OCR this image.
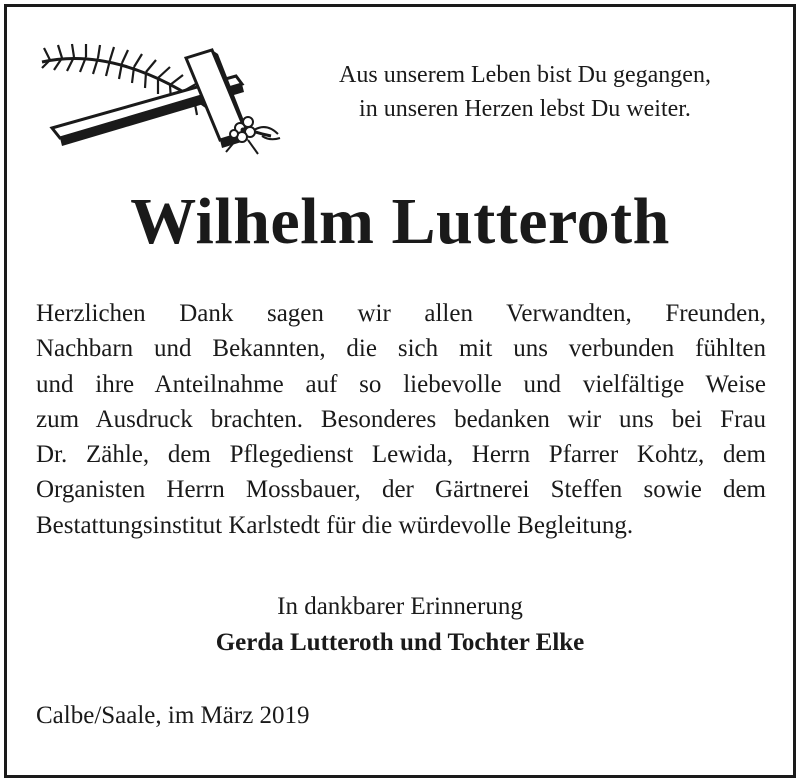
Aus unserem Leben bist Du gegangen,
in unseren Herzen lebst Du weiter.
Wilhelm Lutteroth
Herzlichen Dank sagen wir allen Verwandten, Freunden,
Nachbarn und Bekannten, die sich mit uns verbunden fühlten
und ihre Anteilnahme auf so liebevolle und vielfältige Weise
zum Ausdruck brachten. Besonderes bedanken wir uns bei Frau
Dr. Zähle, dem Pflegedienst Lewida, Herrn Pfarrer Kohtz, dem
Organisten Herrn Mossbauer, der Gärtnerei Steffen sowie dem
Bestattungsinstitut Karlstedt für die würdevolle Begleitung.
In dankbarer Erinnerung
Gerda Lutteroth und Tochter Elke
Calbe/Saale, im März 2019
